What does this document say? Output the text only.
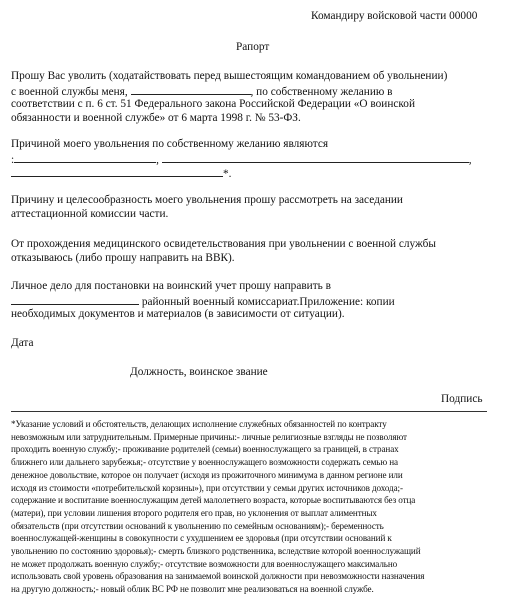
Командиру войсковой части 00000
Рапорт
Прошу Вас уволить (ходатайствовать перед вышестоящим командованием об увольнении)
с военной службы меня,	, по собственному желанию в
соответствии с п. 6 ст. 51 Федерального закона Российской Федерации «О воинской
обязанности и военной службе» от 6 марта 1998 г. № 53-ФЗ.
Причиной моего увольнения по собственному желанию являются
:	,	,
*.
Причину и целесообразность моего увольнения прошу рассмотреть на заседании
аттестационной комиссии части.
От прохождения медицинского освидетельствования при увольнении с военной службы
отказываюсь (либо прошу направить на ВВК).
Личное дело для постановки на воинский учет прошу направить в
районный военный комиссариат.Приложение: копии
необходимых документов и материалов (в зависимости от ситуации).
Дата
Должность, воинское звание
Подпись
*Указание условий и обстоятельств, делающих исполнение служебных обязанностей по контракту
невозможным или затруднительным. Примерные причины:- личные религиозные взгляды не позволяют
проходить военную службу;- проживание родителей (семьи) военнослужащего за границей, в странах
ближнего или дальнего зарубежья;- отсутствие у военнослужащего возможности содержать семью на
денежное довольствие, которое он получает (исходя из прожиточного минимума в данном регионе или
исходя из стоимости «потребительской корзины»), при отсутствии у семьи других источников дохода;-
содержание и воспитание военнослужащим детей малолетнего возраста, которые воспитываются без отца
(матери), при условии лишения второго родителя его прав, но уклонения от выплат алиментных
обязательств (при отсутствии оснований к увольнению по семейным основаниям);- беременность
военнослужащей-женщины в совокупности с ухудшением ее здоровья (при отсутствии оснований к
увольнению по состоянию здоровья);- смерть близкого родственника, вследствие которой военнослужащий
не может продолжать военную службу;- отсутствие возможности для военнослужащего максимально
использовать свой уровень образования на занимаемой воинской должности при невозможности назначения
на другую должность;- новый облик ВС РФ не позволит мне реализоваться на военной службе.
